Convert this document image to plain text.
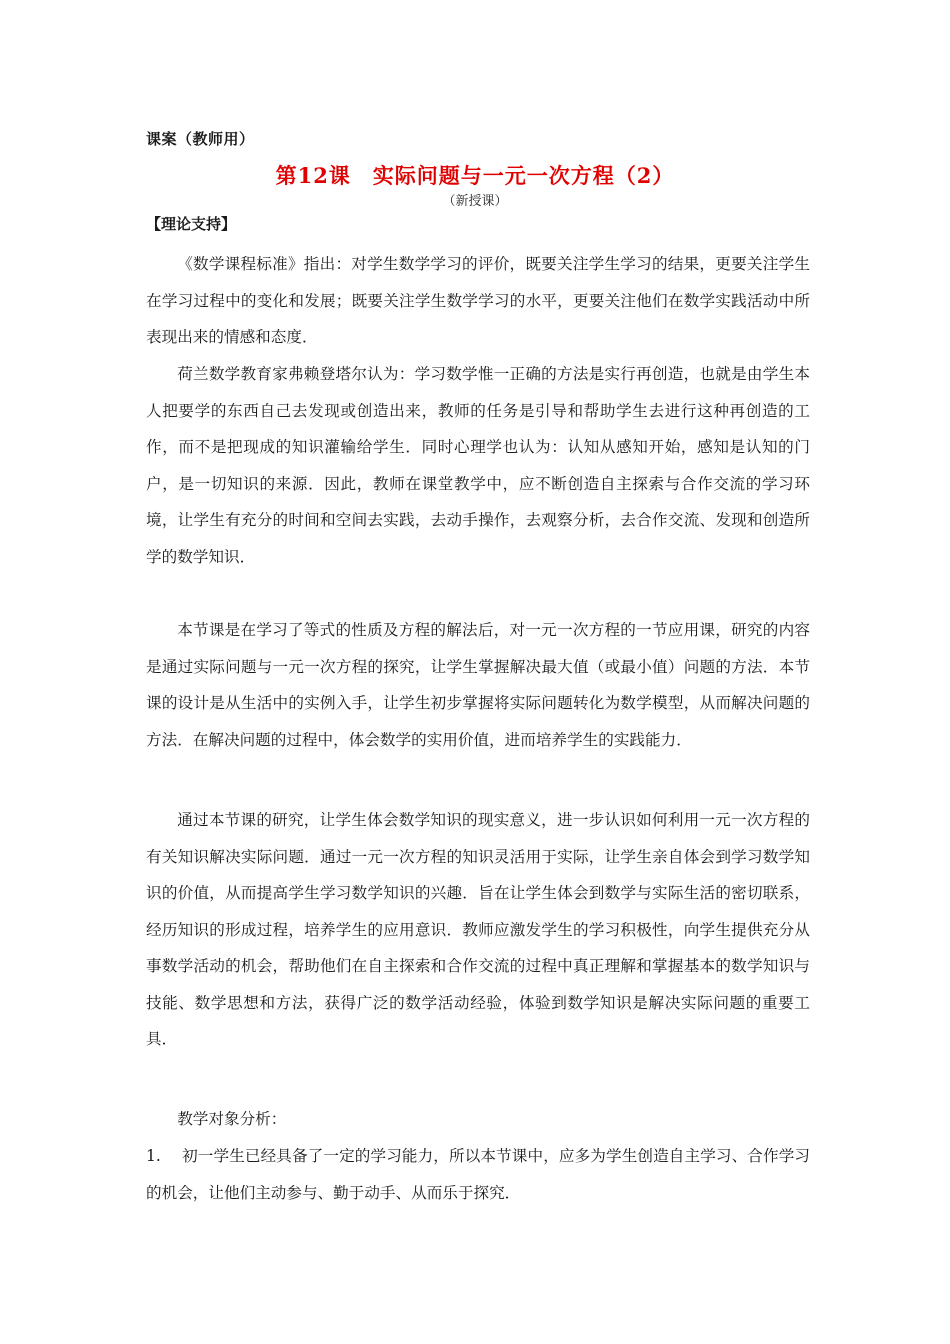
课案（教师用）
第12课　实际问题与一元一次方程（2）
（新授课）
【理论支持】

《数学课程标准》指出：对学生数学学习的评价，既要关注学生学习的结果，更要关注学生在学习过程中的变化和发展；既要关注学生数学学习的水平，更要关注他们在数学实践活动中所表现出来的情感和态度．

荷兰数学教育家弗赖登塔尔认为：学习数学惟一正确的方法是实行再创造，也就是由学生本人把要学的东西自己去发现或创造出来，教师的任务是引导和帮助学生去进行这种再创造的工作，而不是把现成的知识灌输给学生．同时心理学也认为：认知从感知开始，感知是认知的门户，是一切知识的来源．因此，教师在课堂教学中，应不断创造自主探索与合作交流的学习环境，让学生有充分的时间和空间去实践，去动手操作，去观察分析，去合作交流、发现和创造所学的数学知识．

本节课是在学习了等式的性质及方程的解法后，对一元一次方程的一节应用课，研究的内容是通过实际问题与一元一次方程的探究，让学生掌握解决最大值（或最小值）问题的方法．本节课的设计是从生活中的实例入手，让学生初步掌握将实际问题转化为数学模型，从而解决问题的方法．在解决问题的过程中，体会数学的实用价值，进而培养学生的实践能力．

通过本节课的研究，让学生体会数学知识的现实意义，进一步认识如何利用一元一次方程的有关知识解决实际问题．通过一元一次方程的知识灵活用于实际，让学生亲自体会到学习数学知识的价值，从而提高学生学习数学知识的兴趣．旨在让学生体会到数学与实际生活的密切联系，经历知识的形成过程，培养学生的应用意识．教师应激发学生的学习积极性，向学生提供充分从事数学活动的机会，帮助他们在自主探索和合作交流的过程中真正理解和掌握基本的数学知识与技能、数学思想和方法，获得广泛的数学活动经验，体验到数学知识是解决实际问题的重要工具．

教学对象分析：

1. 初一学生已经具备了一定的学习能力，所以本节课中，应多为学生创造自主学习、合作学习的机会，让他们主动参与、勤于动手、从而乐于探究．
